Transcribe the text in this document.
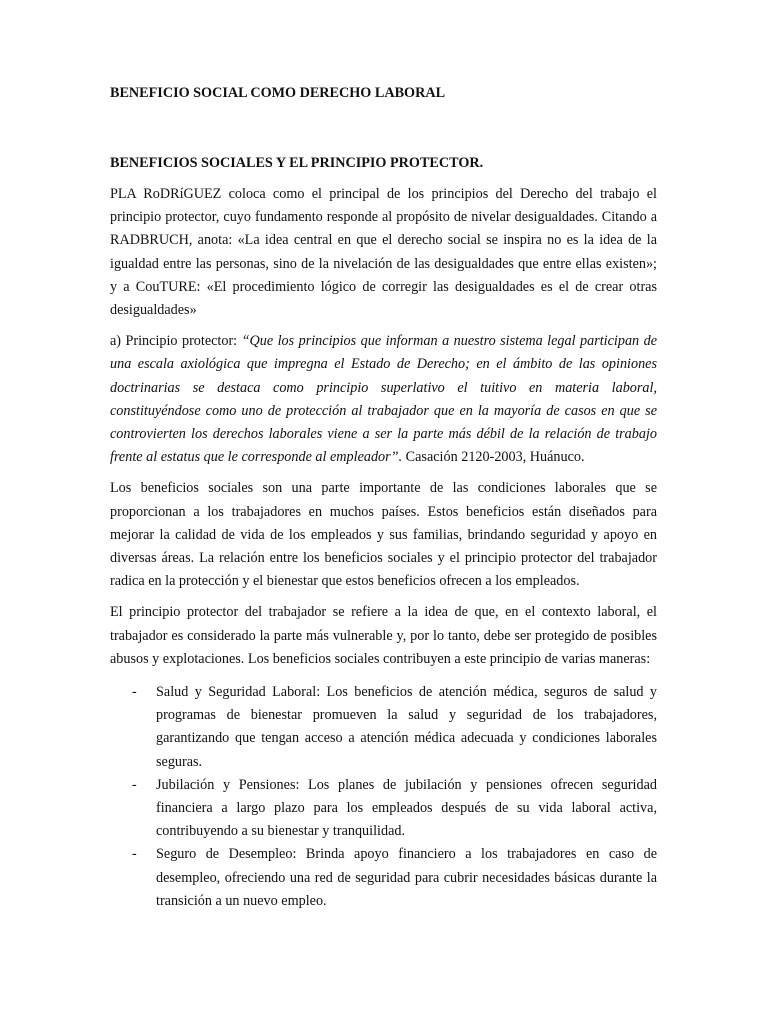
BENEFICIO SOCIAL COMO DERECHO LABORAL
BENEFICIOS SOCIALES Y EL PRINCIPIO PROTECTOR.

PLA RoDRíGUEZ coloca como el principal de los principios del Derecho del trabajo el principio protector, cuyo fundamento responde al propósito de nivelar desigualdades. Citando a RADBRUCH, anota: «La idea central en que el derecho social se inspira no es la idea de la igualdad entre las personas, sino de la nivelación de las desigualdades que entre ellas existen»; y a CouTURE: «El procedimiento lógico de corregir las desigualdades es el de crear otras desigualdades»

a) Principio protector: “Que los principios que informan a nuestro sistema legal participan de una escala axiológica que impregna el Estado de Derecho; en el ámbito de las opiniones doctrinarias se destaca como principio superlativo el tuitivo en materia laboral, constituyéndose como uno de protección al trabajador que en la mayoría de casos en que se controvierten los derechos laborales viene a ser la parte más débil de la relación de trabajo frente al estatus que le corresponde al empleador”. Casación 2120-2003, Huánuco.

Los beneficios sociales son una parte importante de las condiciones laborales que se proporcionan a los trabajadores en muchos países. Estos beneficios están diseñados para mejorar la calidad de vida de los empleados y sus familias, brindando seguridad y apoyo en diversas áreas. La relación entre los beneficios sociales y el principio protector del trabajador radica en la protección y el bienestar que estos beneficios ofrecen a los empleados.

El principio protector del trabajador se refiere a la idea de que, en el contexto laboral, el trabajador es considerado la parte más vulnerable y, por lo tanto, debe ser protegido de posibles abusos y explotaciones. Los beneficios sociales contribuyen a este principio de varias maneras:

- Salud y Seguridad Laboral: Los beneficios de atención médica, seguros de salud y programas de bienestar promueven la salud y seguridad de los trabajadores, garantizando que tengan acceso a atención médica adecuada y condiciones laborales seguras.
- Jubilación y Pensiones: Los planes de jubilación y pensiones ofrecen seguridad financiera a largo plazo para los empleados después de su vida laboral activa, contribuyendo a su bienestar y tranquilidad.
- Seguro de Desempleo: Brinda apoyo financiero a los trabajadores en caso de desempleo, ofreciendo una red de seguridad para cubrir necesidades básicas durante la transición a un nuevo empleo.
